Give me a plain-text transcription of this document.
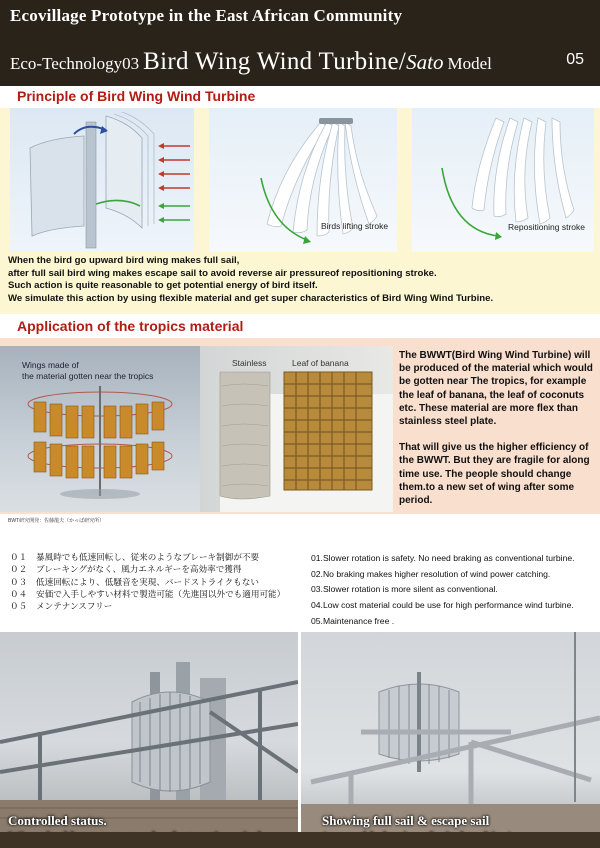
Ecovillage Prototype in the East African Community
Eco-Technology03 Bird Wing Wind Turbine/Sato Model	05
Principle of Bird Wing Wind Turbine
Birds lifting stroke	Repositioning stroke
When the bird go upward bird wing makes full sail,
after full sail bird wing makes escape sail to avoid reverse air pressureof repositioning stroke.
Such action is quite reasonable to get potential energy of bird itself.
We simulate this action by using flexible material and get super characteristics of Bird Wing Wind Turbine.
Application of the tropics material
Wings made of
the material gotten near the tropics
Stainless	Leaf of banana
The BWWT(Bird Wing Wind Turbine) will be produced of the material which would be gotten near The tropics, for example the leaf of banana, the leaf of coconuts etc. These material are more flex than stainless steel plate.
That will give us the higher efficiency of the BWWT. But they are fragile for along time use. The people should change them.to a new set of wing after some period.
BWT研究開発：佐藤龍夫（かっぱ研究所）
０１ 暴風時でも低速回転し、従来のようなブレーキ制御が不要
０２ ブレーキングがなく、風力エネルギーを高効率で獲得
０３ 低速回転により、低騒音を実現、バードストライクもない
０４ 安価で入手しやすい材料で製造可能（先進国以外でも適用可能）
０５ メンテナンスフリー
01.Slower rotation is safety. No need braking as conventional turbine.
02.No braking makes higher resolution of wind power catching.
03.Slower rotation is more silent as conventional.
04.Low cost material could be use for high performance wind turbine.
05.Maintenance free .
Controlled status.	Showing full sail & escape sail
